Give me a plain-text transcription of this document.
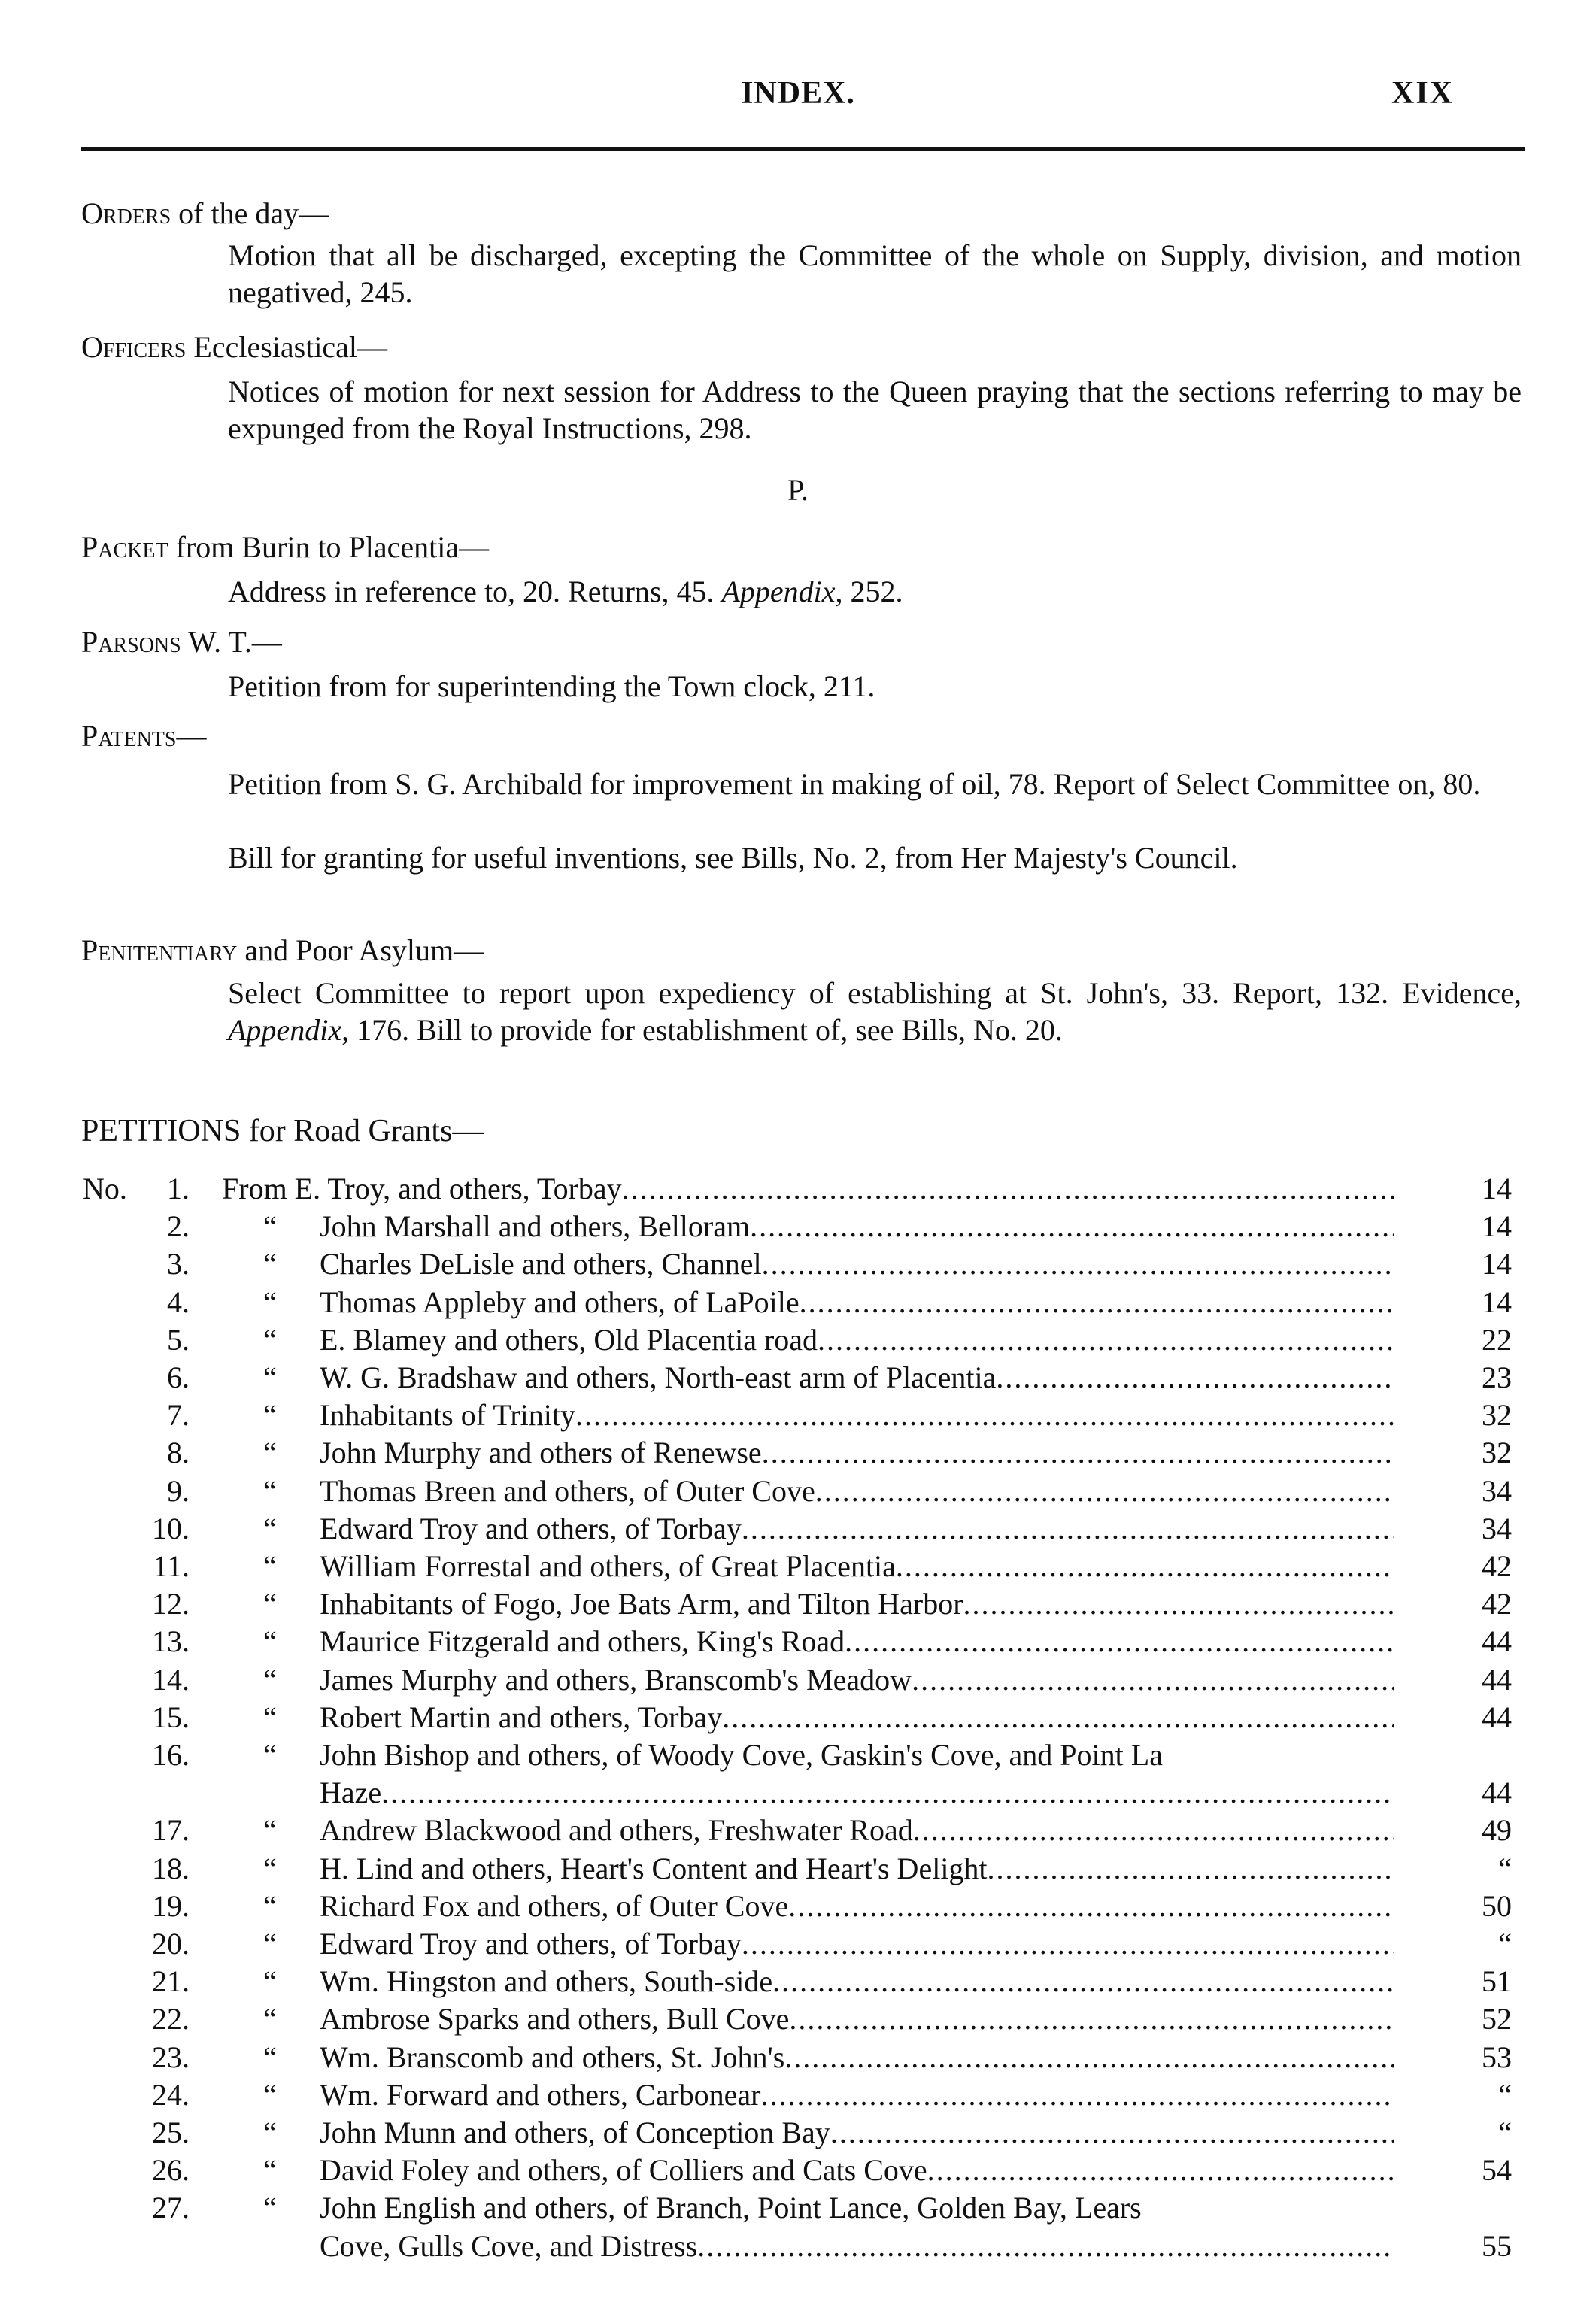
INDEX.	XIX
Orders of the day—

Motion that all be discharged, excepting the Committee of the whole on Supply, division, and motion negatived, 245.

Officers Ecclesiastical—

Notices of motion for next session for Address to the Queen praying that the sections referring to may be expunged from the Royal Instructions, 298.

P.
Packet from Burin to Placentia—

Address in reference to, 20. Returns, 45. Appendix, 252.

Parsons W. T.—

Petition from for superintending the Town clock, 211.

Patents—

Petition from S. G. Archibald for improvement in making of oil, 78. Report of Select Committee on, 80.

Bill for granting for useful inventions, see Bills, No. 2, from Her Majesty's Council.

Penitentiary and Poor Asylum—

Select Committee to report upon expediency of establishing at St. John's, 33. Report, 132. Evidence, Appendix, 176. Bill to provide for establishment of, see Bills, No. 20.

PETITIONS for Road Grants—
No. 1. From E. Troy, and others, Torbay .....	14
2. “ John Marshall and others, Belloram .....	14
3. “ Charles DeLisle and others, Channel .....	14
4. “ Thomas Appleby and others, of LaPoile .....	14
5. “ E. Blamey and others, Old Placentia road .....	22
6. “ W. G. Bradshaw and others, North-east arm of Placentia .....	23
7. “ Inhabitants of Trinity .....	32
8. “ John Murphy and others of Renewse .....	32
9. “ Thomas Breen and others, of Outer Cove .....	34
10. “ Edward Troy and others, of Torbay .....	34
11. “ William Forrestal and others, of Great Placentia .....	42
12. “ Inhabitants of Fogo, Joe Bats Arm, and Tilton Harbor .....	42
13. “ Maurice Fitzgerald and others, King's Road .....	44
14. “ James Murphy and others, Branscomb's Meadow .....	44
15. “ Robert Martin and others, Torbay .....	44
16. “ John Bishop and others, of Woody Cove, Gaskin's Cove, and Point La
Haze .....	44
17. “ Andrew Blackwood and others, Freshwater Road .....	49
18. “ H. Lind and others, Heart's Content and Heart's Delight .....	“
19. “ Richard Fox and others, of Outer Cove .....	50
20. “ Edward Troy and others, of Torbay .....	“
21. “ Wm. Hingston and others, South-side .....	51
22. “ Ambrose Sparks and others, Bull Cove .....	52
23. “ Wm. Branscomb and others, St. John's .....	53
24. “ Wm. Forward and others, Carbonear .....	“
25. “ John Munn and others, of Conception Bay .....	“
26. “ David Foley and others, of Colliers and Cats Cove .....	54
27. “ John English and others, of Branch, Point Lance, Golden Bay, Lears
Cove, Gulls Cove, and Distress .....	55
